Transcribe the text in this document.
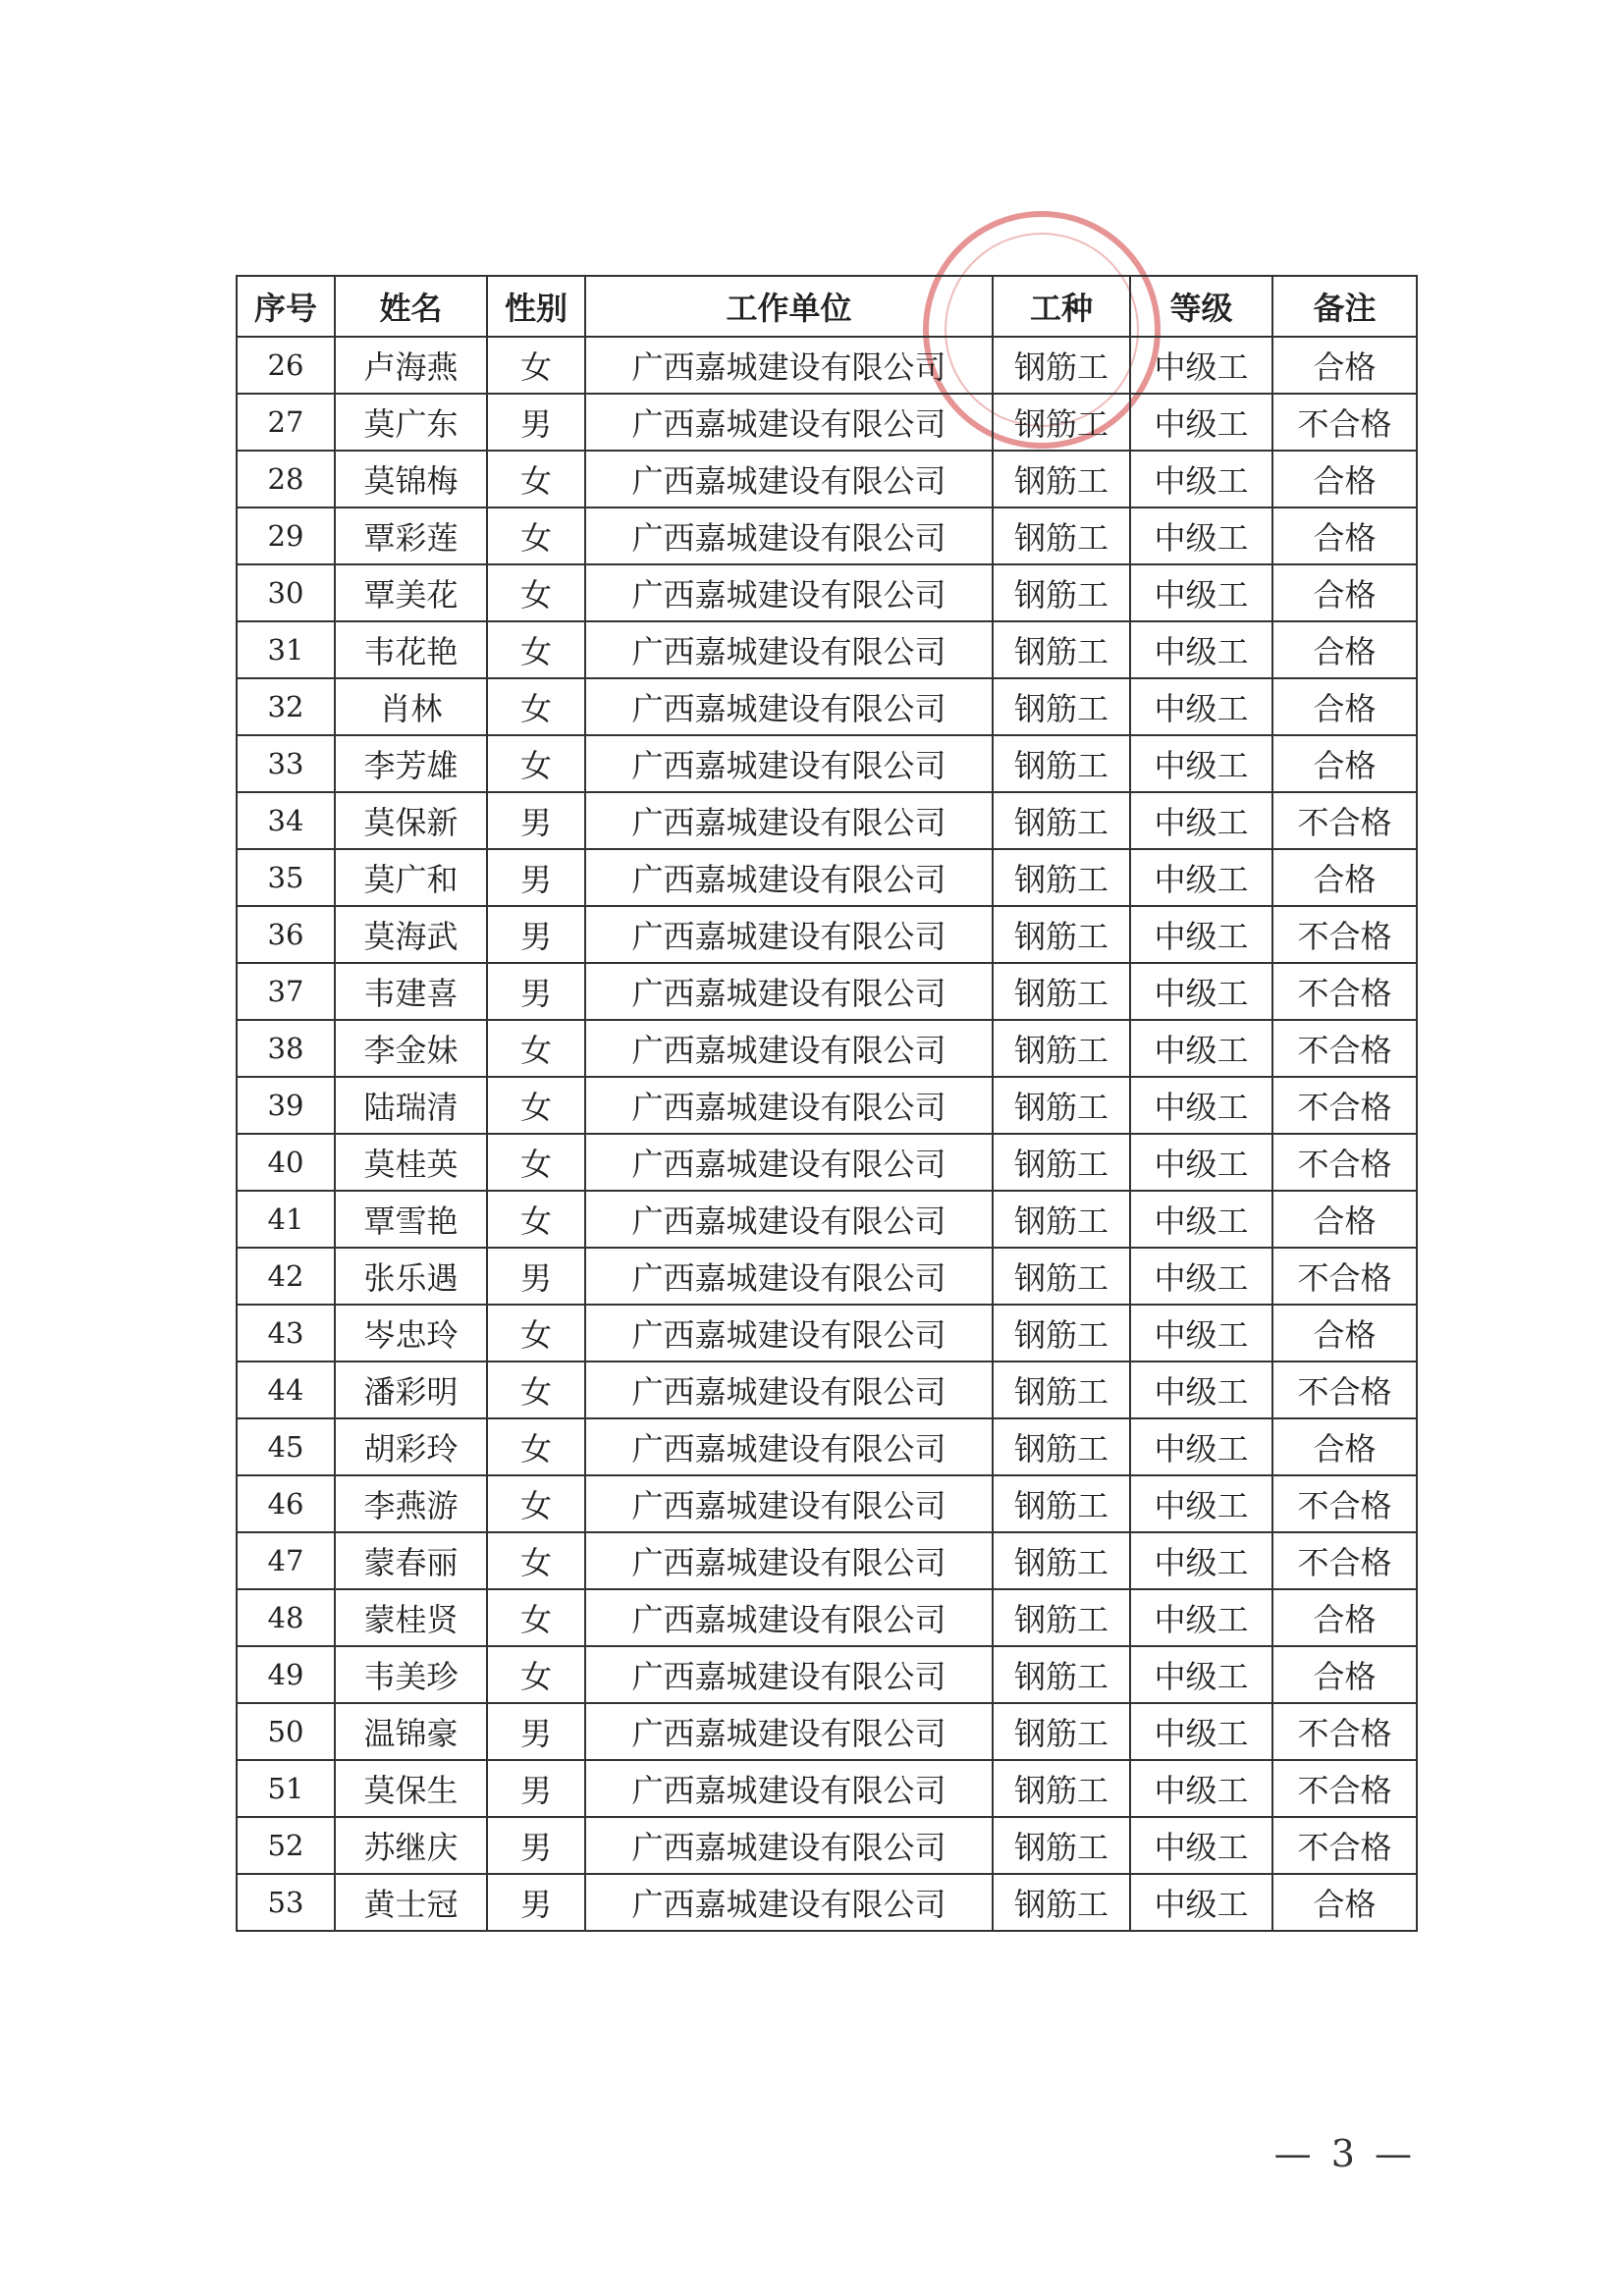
序号	姓名	性别	工作单位	工种	等级	备注
26	卢海燕	女	广西嘉城建设有限公司	钢筋工	中级工	合格
27	莫广东	男	广西嘉城建设有限公司	钢筋工	中级工	不合格
28	莫锦梅	女	广西嘉城建设有限公司	钢筋工	中级工	合格
29	覃彩莲	女	广西嘉城建设有限公司	钢筋工	中级工	合格
30	覃美花	女	广西嘉城建设有限公司	钢筋工	中级工	合格
31	韦花艳	女	广西嘉城建设有限公司	钢筋工	中级工	合格
32	肖林	女	广西嘉城建设有限公司	钢筋工	中级工	合格
33	李芳雄	女	广西嘉城建设有限公司	钢筋工	中级工	合格
34	莫保新	男	广西嘉城建设有限公司	钢筋工	中级工	不合格
35	莫广和	男	广西嘉城建设有限公司	钢筋工	中级工	合格
36	莫海武	男	广西嘉城建设有限公司	钢筋工	中级工	不合格
37	韦建喜	男	广西嘉城建设有限公司	钢筋工	中级工	不合格
38	李金妹	女	广西嘉城建设有限公司	钢筋工	中级工	不合格
39	陆瑞清	女	广西嘉城建设有限公司	钢筋工	中级工	不合格
40	莫桂英	女	广西嘉城建设有限公司	钢筋工	中级工	不合格
41	覃雪艳	女	广西嘉城建设有限公司	钢筋工	中级工	合格
42	张乐遇	男	广西嘉城建设有限公司	钢筋工	中级工	不合格
43	岑忠玲	女	广西嘉城建设有限公司	钢筋工	中级工	合格
44	潘彩明	女	广西嘉城建设有限公司	钢筋工	中级工	不合格
45	胡彩玲	女	广西嘉城建设有限公司	钢筋工	中级工	合格
46	李燕游	女	广西嘉城建设有限公司	钢筋工	中级工	不合格
47	蒙春丽	女	广西嘉城建设有限公司	钢筋工	中级工	不合格
48	蒙桂贤	女	广西嘉城建设有限公司	钢筋工	中级工	合格
49	韦美珍	女	广西嘉城建设有限公司	钢筋工	中级工	合格
50	温锦豪	男	广西嘉城建设有限公司	钢筋工	中级工	不合格
51	莫保生	男	广西嘉城建设有限公司	钢筋工	中级工	不合格
52	苏继庆	男	广西嘉城建设有限公司	钢筋工	中级工	不合格
53	黄士冠	男	广西嘉城建设有限公司	钢筋工	中级工	合格
— 3 —
